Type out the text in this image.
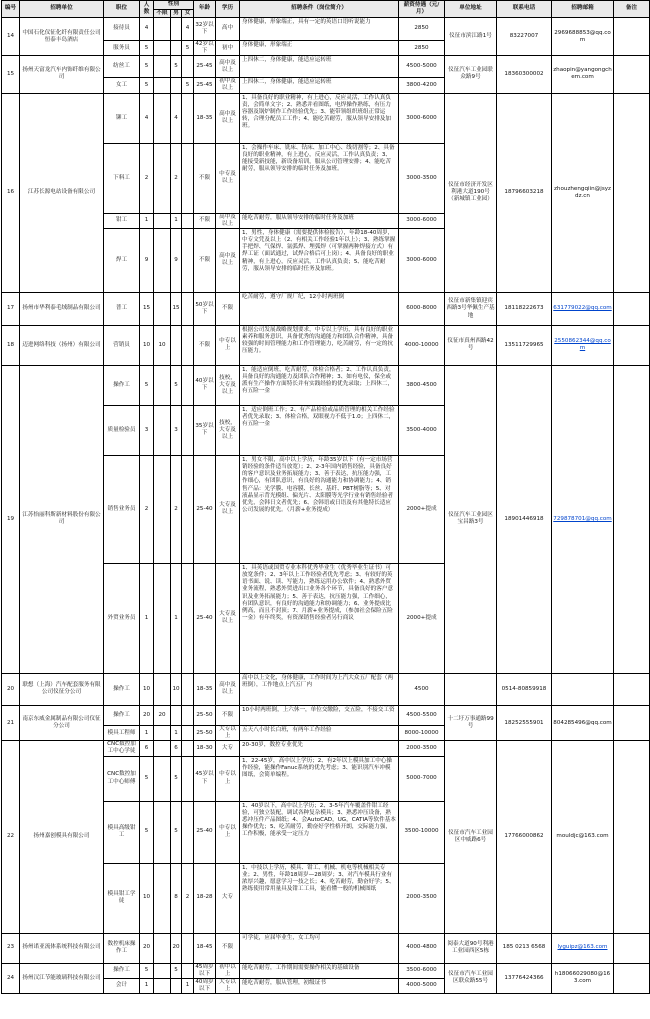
编号	招聘单位	职位	人数	性别			年龄	学历	招聘条件（岗位简介）	薪资待遇（元/月）	单位地址	联系电话	招聘邮箱	备注
				不限	男	女								
14	中国石化仪征化纤有限责任公司恒泰丰岛酒店	接待员	4			4	32岁以下	高中	身体健康，形象端正，具有一定的英语口语听说能力	2850	仪征市滨江路1号	83227007	2969688853@qq.com	
		服务员	5			5	42岁以下	初中	身体健康，形象端正	2850				
15	扬州天富龙汽车内饰纤维有限公司	纺丝工	5		5		25-45	高中及以上	上四休二，身体健康，能适应运转班	4500-5000	仪征汽车工业园联众路9号	18360300002	zhaopin@yangongchem.com	
		女工	5			5	25-45	初中及以上	上四休二，身体健康，能适应运转班	3800-4200				
16	江苏长源电站设备有限公司	铆工	4		4		18-35	高中及以上	1、具备良好的职业精神，有上进心，反应灵活，工作认真负责，会简单文字；2、熟悉并看图纸，电焊操作熟练，有压力容器及锅炉制作工作经验优先；3、能带领组织班组正常运转，合理分配员工工作；4、能吃苦耐劳，服从领导安排及加班。	3000-6000	仪征市经济开发区利港大道190号（新城镇工业园）	18796603218	zhouzhengqiin@jsyzdz.cn	
		下料工	2		2		不限	中专及以上	1、会操作车床、铣床、钻床、加工中心、线切割等；2、具备良好的职业精神，有上进心，反应灵活，工作认真负责；3、能接受新技能，新设备培训，服从公司管理安排；4、能吃苦耐劳，服从领导安排的临时任务及加班。	3000-3500				
		钳工	1		1		不限	高中及以上	能吃苦耐劳，服从领导安排的临时任务及加班	3000-6000				
		焊工	9		9		不限	高中及以上	1、男性，身体健康（需要提供体检报告），年龄18-40周岁，中专文凭及以上（2、有相关工作经验1年以上）；3、熟练掌握手把焊、气保焊、氩弧焊、埋弧焊（可掌握两种焊接方式）有焊工证（面试通过，试焊合格后可上岗）；4、具备良好的职业精神，有上进心，反应灵活，工作认真负责；5、能吃苦耐劳，服从领导安排的临时任务及加班。	3000-6000				
17	扬州市华利泰毛绒制品有限公司	普工	15		15		50岁以下	不限	吃苦耐劳，遵守厂规厂纪，12小时两班倒	6000-8000	仪征市新集镇迎宾西路3号华佩生产基地	18118222673	631779022@qq.com	
18	迈进网络科技（扬州）有限公司	营销员	10	10			不限	中专以上	根据公司发展战略规划要求，中专以上学历，具有良好的职业素养和服务意识，具备优秀的沟通能力和团队合作精神，具备较强的时间管理能力和工作管理能力，吃苦耐劳，有一定的抗压能力。	4000-10000	仪征市真州西路42号	13511729965	2550862344@qq.com	
19	江苏怡丽科斯新材料股份有限公司	操作工	5		5		40岁以下	技校，大专及以上	1、能适应倒班，吃苦耐劳，体检合格者；2、工作认真负责，具备良好的沟通能力及团队合作精神；3、如有电仪，保全或派有生产操作方面特长并有实践经验的优先录取；上四休二，有五险一金	3800-4500	仪征汽车工业园区宝昌路3号	18901446918	729878701@qq.com	
		质量检验员	3		3		35岁以下	技校，大专及以上	1、适应倒班工作；2、有产品检验或品质管理的相关工作经验者优先录取；3、体检合格，双眼视力不低于1.0；上四休二，有五险一金	3500-4000				
		销售业务员	2		2		25-40	大专及以上	1、男女不限，高中以上学历，年龄35岁以下（有一定市场营销经验的条件适当放宽）；2、2-3年国内销售经验，具备良好的客户意识及业务拓展能力；3、善于表达，抗压能力强，工作细心，有团队意识，有良好的沟通能力和协调能力；4、销售产品：光学膜、电容膜、长丝、基纤、PBT树脂等；5、对液晶显示背光模组、偏光片、太阳膜等光学行业有销售经验者优先，会韩日文者优先；6、会韩语或日语及有其他特长适应公司发展的优先。（月薪+业务提成）	2000+提成				
		外贸业务员	1		1		25-40	大专及以上	1、具英语或国贸专业本科优秀毕业生（优秀毕业生证书）可放宽条件；2、3年以上工作经验者优先考虑；3、有较好的英语书面、说、读、写能力，熟练运用办公软件；4、熟悉外贸业务流程，熟悉外贸进出口业务各个环节，具备良好的客户意识及业务拓展能力；5、善于表达，抗压能力强，工作细心，有团队意识，有良好的沟通能力和协调能力；6、业务提成比例高，而且不封顶；7、月薪+业务提成，（参加社会保险五险一金）有年终奖，有资深销售经验者另行商议	2000+提成				
20	联想（上海）汽车配套服务有限公司仪征分公司	操作工	10		10		18-35	高中及以上	高中以上文化，身体健康，工作时间为上汽大众五厂配套（两班倒），工作地点上汽五厂内	4500		0514-80859918		
21	南京东威金属制品有限公司仪征分公司	操作工	20	20			25-50	不限	10小时两班倒，上六休一，单位交缴险，交五险，不接交工资	4500-5500	十二圩万事通路99号	18252555901	804285496@qq.com	
		模具工程师	1		1		25-50	大专以上	五天八小时长白班，有两年工作经验	8000-10000				
22	扬州嘉创模具有限公司	CNC数控加工中心学徒	6		6		18-30	大专	20-30岁，数控专业优先	2000-3500	仪征市汽车工业园区中威路6号	17766000862	mouldjc@163.com	
		CNC数控加工中心师傅	5		5		45岁以下	中专以上	1、22-45岁，高中以上学历；2、有2年以上模具加工中心操作经验，能操作Fanuc系统的优先考虑；3、能识别汽车冲模图纸，会简单编程。	5000-7000				
		模具高级钳工	5		5		25-40	中专以上	1、40岁以下，高中以上学历；2、3-5年汽车覆盖件钳工经验，可独立装配，调试各种复杂模具；3、熟悉冲压设备，熟悉冲压件产品图纸；4、会AutoCAD，UG，CATIA等软件基本操作优先；5、吃苦耐劳，勤奋好学性格开朗，交际能力强，工作积极，能承受一定压力	3500-10000				
		模具钳工学徒	10		8	2	18-28	大专	1、中技以上学历，模具、钳工、机械、机电等机械相关专业；2、男性，年龄18周岁—28周岁；3、对汽车模具行业有浓厚兴趣，愿意学习一技之长；4、吃苦耐劳，勤奋好学；5、熟练使用常用量具及钳工工具，能看懂一般的机械图纸	2000-3500				
23	扬州诺亚流体系统科技有限公司	数控机床操作工	20		20		18-45	不限	可学徒，应届毕业生，女工均可	4000-4800	阅泰大道90号利港工业园西区5栋	185 0213 6568	lyguipz@163.com	
24	扬州汉江节能玻璃科技有限公司	操作工	5		5		45周岁以下	初中以上	能吃苦耐劳，工作期间需要操作相关的基础设备	3500-6000	仪征市汽车工业园区联众路55号	13776424366	h18066029080@163.com	
		会计	1			1	40周岁以下	大专以上	能吃苦耐劳，服从管理，初级证书	4000-5000				
